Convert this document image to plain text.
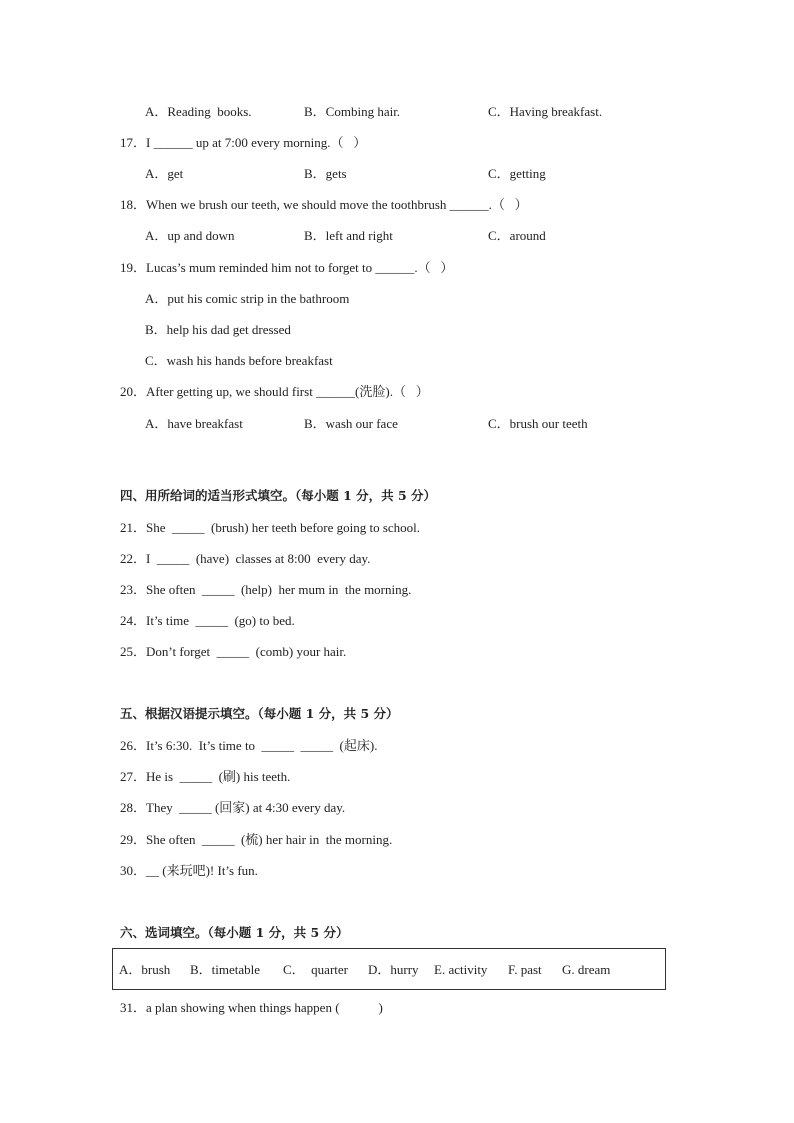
A．Reading  books.	B．Combing hair.	C．Having breakfast.
17．I ______ up at 7:00 every morning.（   ）
A．get	B．gets	C．getting
18．When we brush our teeth, we should move the toothbrush ______.（   ）
A．up and down	B．left and right	C．around
19．Lucas’s mum reminded him not to forget to ______.（   ）
A．put his comic strip in the bathroom
B．help his dad get dressed
C．wash his hands before breakfast
20．After getting up, we should first ______(洗脸).（   ）
A．have breakfast	B．wash our face	C．brush our teeth
四、用所给词的适当形式填空。（每小题 1 分，共 5 分）
21．She  _____  (brush) her teeth before going to school.
22．I  _____  (have)  classes at 8:00  every day.
23．She often  _____  (help)  her mum in  the morning.
24．It’s time  _____  (go) to bed.
25．Don’t forget  _____  (comb) your hair.
五、根据汉语提示填空。（每小题 1 分，共 5 分）
26．It’s 6:30.  It’s time to  _____  _____  (起床).
27．He is  _____  (刷) his teeth.
28．They  _____ (回家) at 4:30 every day.
29．She often  _____  (梳) her hair in  the morning.
30．__ (来玩吧)! It’s fun.
六、选词填空。（每小题 1 分，共 5 分）
A．brush B．timetable C．  quarter D．hurry E. activity F. past G. dream
31．a plan showing when things happen (            )
